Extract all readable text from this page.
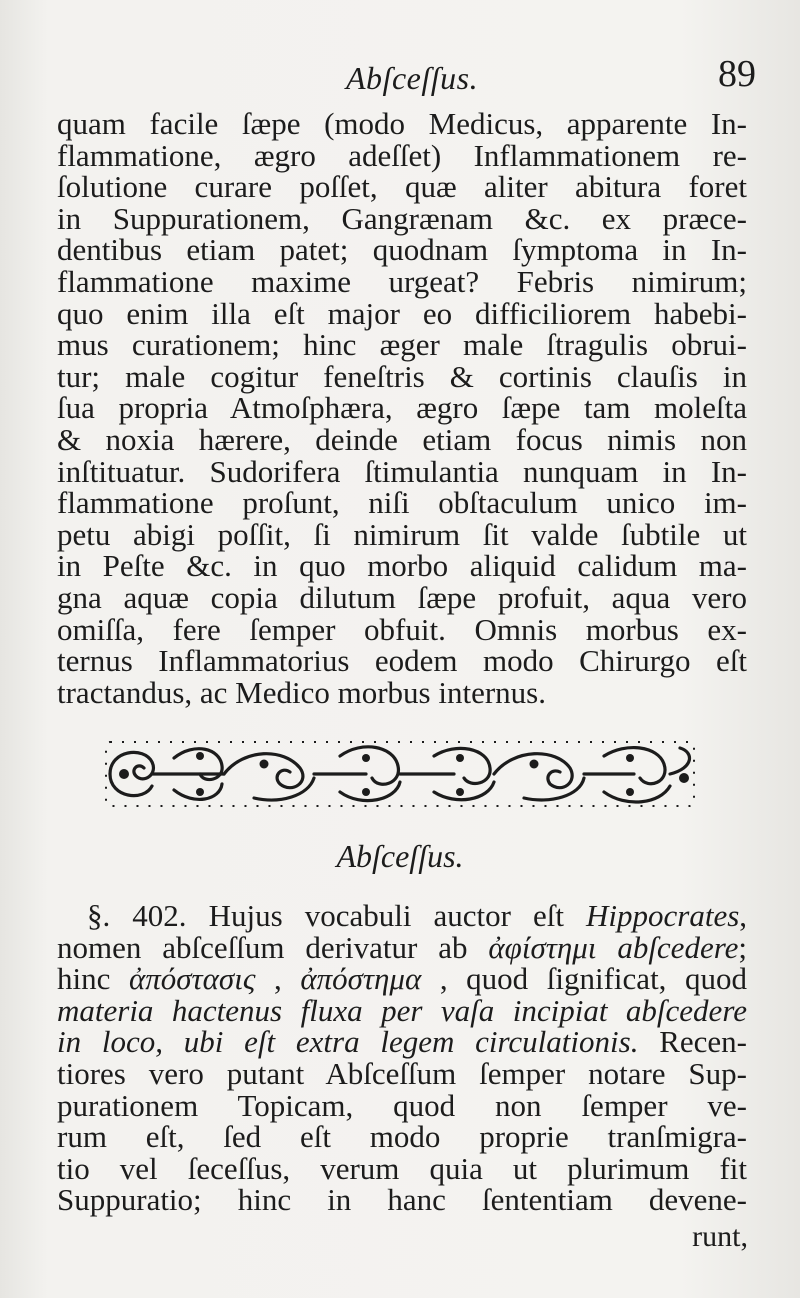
Abſceſſus.	89
quam facile ſæpe (modo Medicus, apparente In-
flammatione, ægro adeſſet) Inflammationem re-
ſolutione curare poſſet, quæ aliter abitura foret
in Suppurationem, Gangrænam &c. ex præce-
dentibus etiam patet; quodnam ſymptoma in In-
flammatione maxime urgeat? Febris nimirum;
quo enim illa eſt major eo difficiliorem habebi-
mus curationem; hinc æger male ſtragulis obrui-
tur; male cogitur feneſtris & cortinis clauſis in
ſua propria Atmoſphæra, ægro ſæpe tam moleſta
& noxia hærere, deinde etiam focus nimis non
inſtituatur. Sudorifera ſtimulantia nunquam in In-
flammatione proſunt, niſi obſtaculum unico im-
petu abigi poſſit, ſi nimirum ſit valde ſubtile ut
in Peſte &c. in quo morbo aliquid calidum ma-
gna aquæ copia dilutum ſæpe profuit, aqua vero
omiſſa, fere ſemper obfuit. Omnis morbus ex-
ternus Inflammatorius eodem modo Chirurgo eſt
tractandus, ac Medico morbus internus.
Abſceſſus.
§. 402. Hujus vocabuli auctor eſt Hippocrates,
nomen abſceſſum derivatur ab ἀφίστημι abſcedere;
hinc ἀπόστασις , ἀπόστημα , quod ſignificat, quod
materia hactenus fluxa per vaſa incipiat abſcedere
in loco, ubi eſt extra legem circulationis. Recen-
tiores vero putant Abſceſſum ſemper notare Sup-
purationem Topicam, quod non ſemper ve-
rum eſt, ſed eſt modo proprie tranſmigra-
tio vel ſeceſſus, verum quia ut plurimum fit
Suppuratio; hinc in hanc ſententiam devene-
runt,
